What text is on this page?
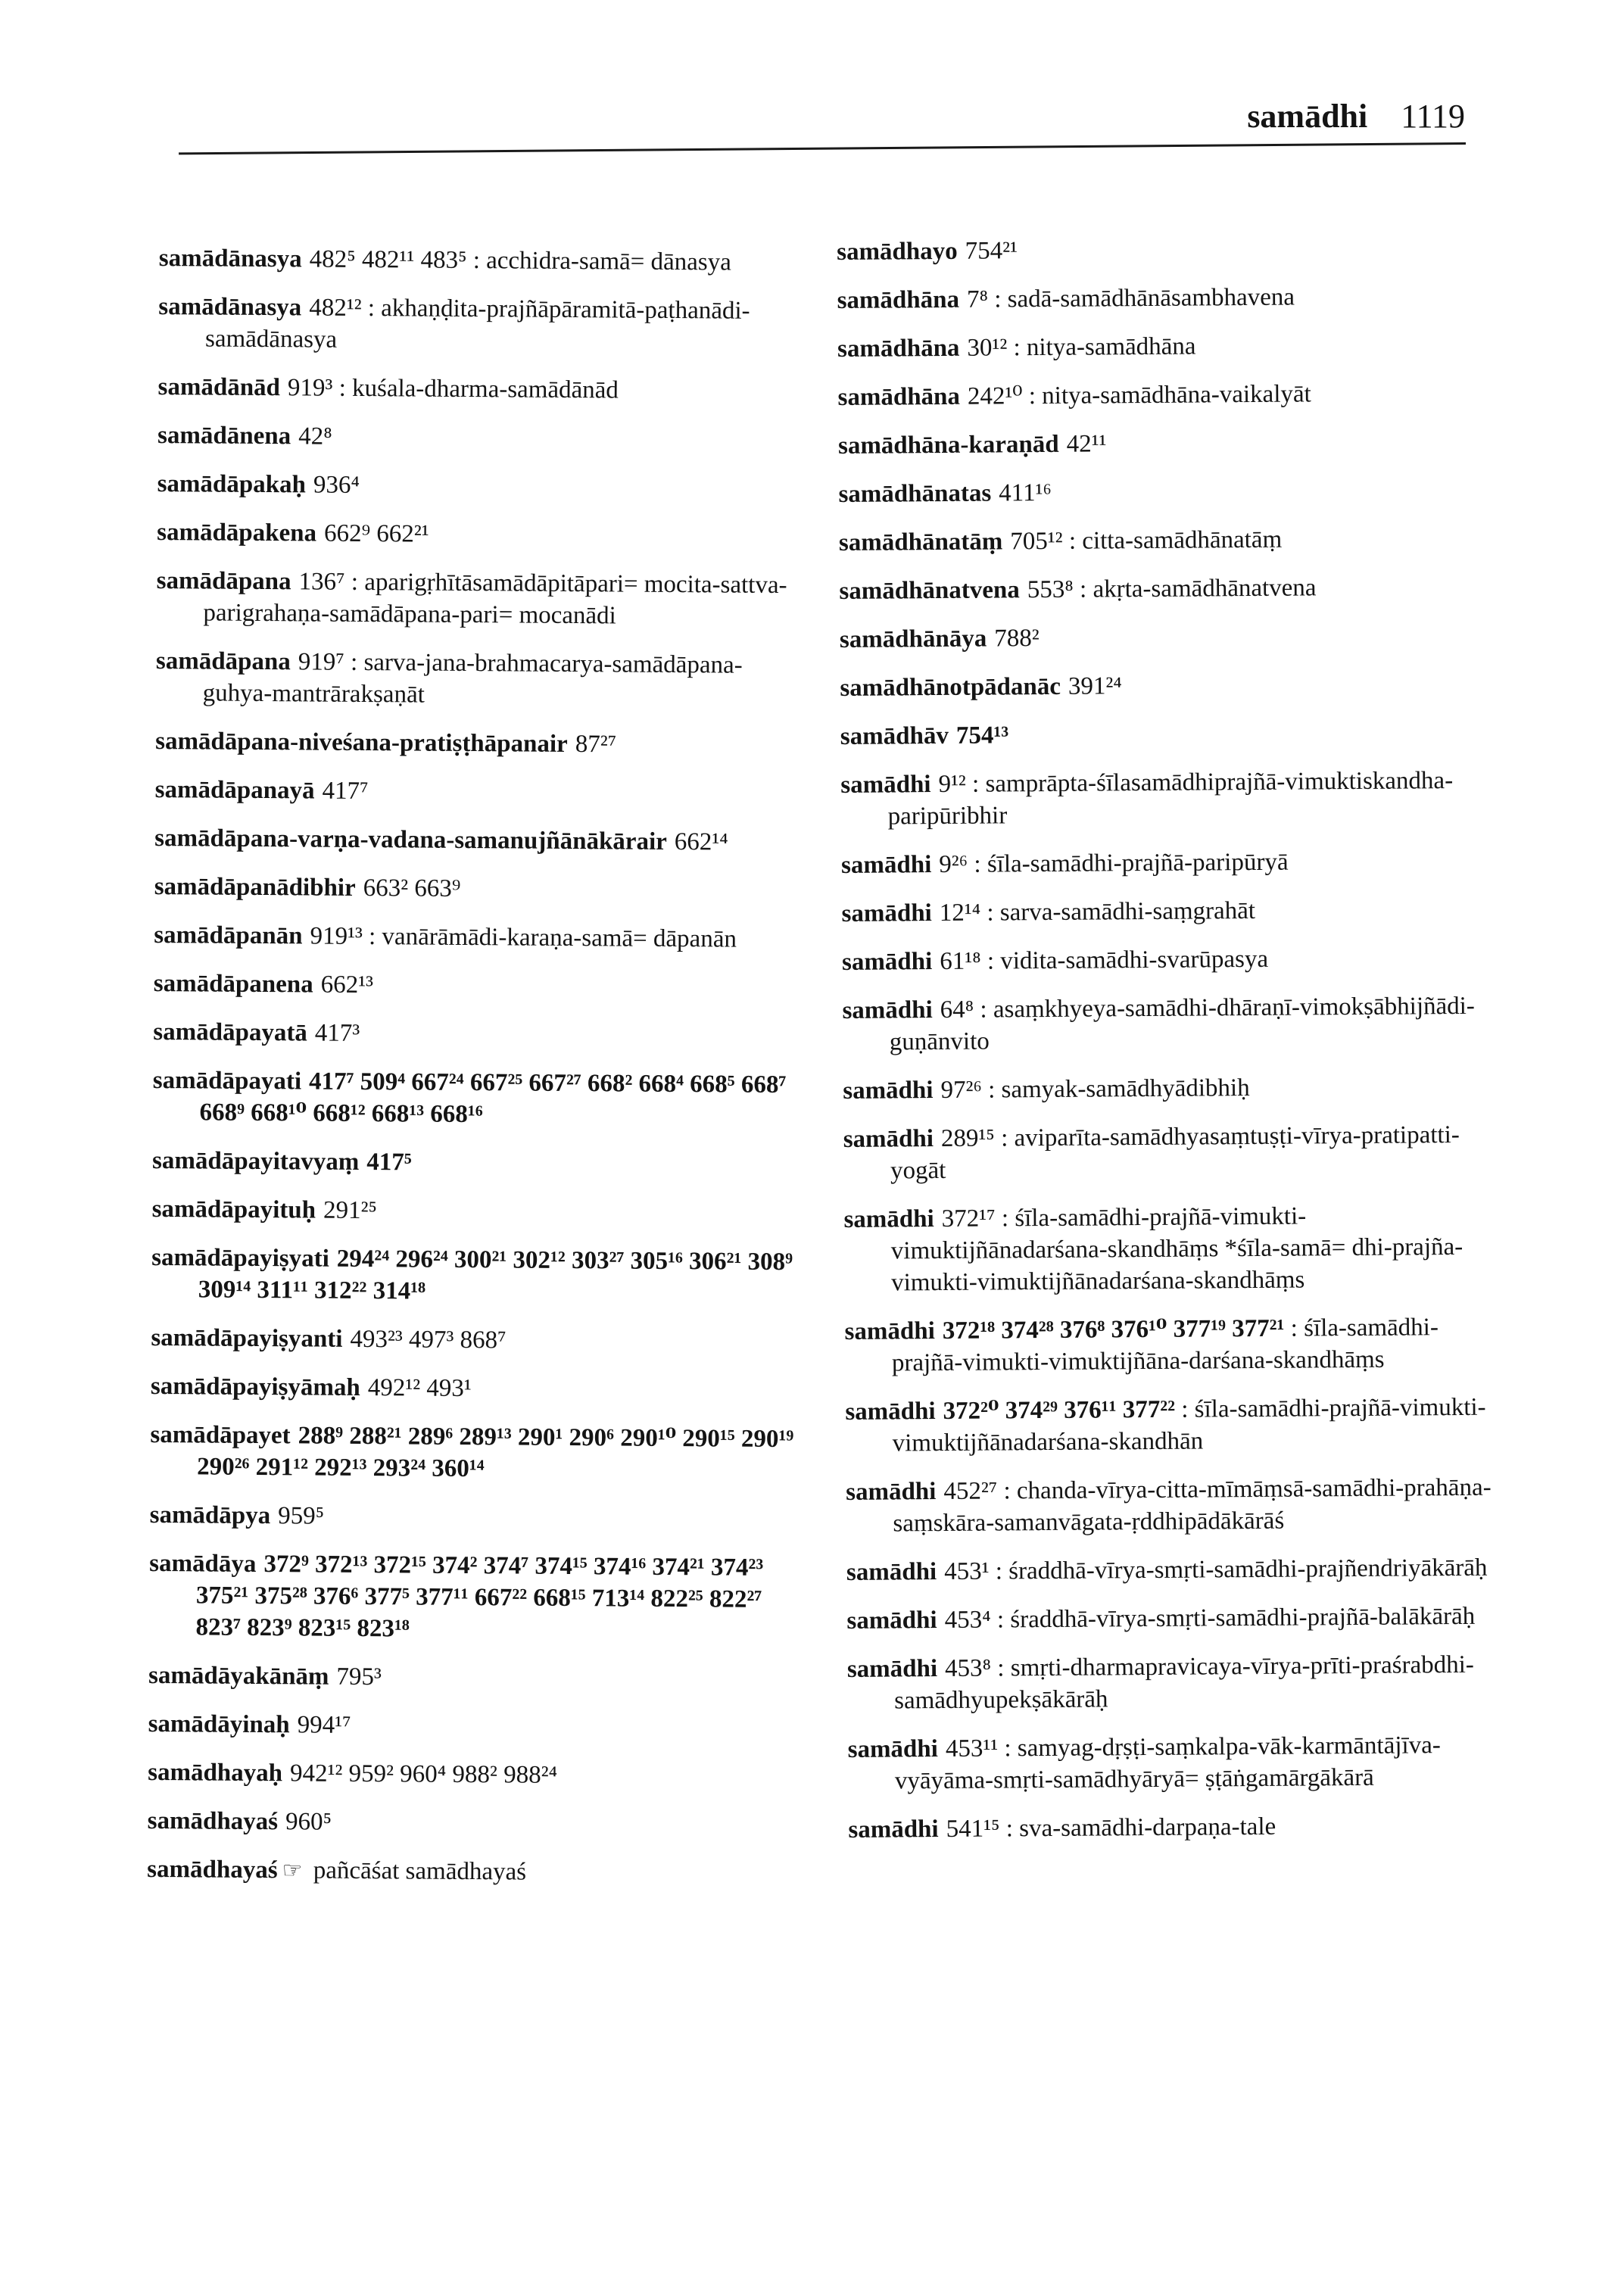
samādhi 1119
samādānasya 482⁵ 482¹¹ 483⁵ : acchidra-samā= dānasya
samādānasya 482¹² : akhaṇḍita-prajñāpāramitā-paṭhanādi-samādānasya
samādānād 919³ : kuśala-dharma-samādānād
samādānena 42⁸
samādāpakaḥ 936⁴
samādāpakena 662⁹ 662²¹
samādāpana 136⁷ : aparigṛhītāsamādāpitāpari= mocita-sattva-parigrahaṇa-samādāpana-pari= mocanādi
samādāpana 919⁷ : sarva-jana-brahmacarya-samādāpana-guhya-mantrārakṣaṇāt
samādāpana-niveśana-pratiṣṭhāpanair 87²⁷
samādāpanayā 417⁷
samādāpana-varṇa-vadana-samanujñānākārair 662¹⁴
samādāpanādibhir 663² 663⁹
samādāpanān 919¹³ : vanārāmādi-karaṇa-samā= dāpanān
samādāpanena 662¹³
samādāpayatā 417³
samādāpayati 417⁷ 509⁴ 667²⁴ 667²⁵ 667²⁷ 668² 668⁴ 668⁵ 668⁷ 668⁹ 668¹⁰ 668¹² 668¹³ 668¹⁶
samādāpayitavyaṃ 417⁵
samādāpayituḥ 291²⁵
samādāpayiṣyati 294²⁴ 296²⁴ 300²¹ 302¹² 303²⁷ 305¹⁶ 306²¹ 308⁹ 309¹⁴ 311¹¹ 312²² 314¹⁸
samādāpayiṣyanti 493²³ 497³ 868⁷
samādāpayiṣyāmaḥ 492¹² 493¹
samādāpayet 288⁹ 288²¹ 289⁶ 289¹³ 290¹ 290⁶ 290¹⁰ 290¹⁵ 290¹⁹ 290²⁶ 291¹² 292¹³ 293²⁴ 360¹⁴
samādāpya 959⁵
samādāya 372⁹ 372¹³ 372¹⁵ 374² 374⁷ 374¹⁵ 374¹⁶ 374²¹ 374²³ 375²¹ 375²⁸ 376⁶ 377⁵ 377¹¹ 667²² 668¹⁵ 713¹⁴ 822²⁵ 822²⁷ 823⁷ 823⁹ 823¹⁵ 823¹⁸
samādāyakānāṃ 795³
samādāyinaḥ 994¹⁷
samādhayaḥ 942¹² 959² 960⁴ 988² 988²⁴
samādhayaś 960⁵
samādhayaś ☞ pañcāśat samādhayaś
samādhayo 754²¹
samādhāna 7⁸ : sadā-samādhānāsambhavena
samādhāna 30¹² : nitya-samādhāna
samādhāna 242¹⁰ : nitya-samādhāna-vaikalyāt
samādhāna-karaṇād 42¹¹
samādhānatas 411¹⁶
samādhānatāṃ 705¹² : citta-samādhānatāṃ
samādhānatvena 553⁸ : akṛta-samādhānatvena
samādhānāya 788²
samādhānotpādanāc 391²⁴
samādhāv 754¹³
samādhi 9¹² : samprāpta-śīlasamādhiprajñā-vimuktiskandha-paripūribhir
samādhi 9²⁶ : śīla-samādhi-prajñā-paripūryā
samādhi 12¹⁴ : sarva-samādhi-saṃgrahāt
samādhi 61¹⁸ : vidita-samādhi-svarūpasya
samādhi 64⁸ : asaṃkhyeya-samādhi-dhāraṇī-vimokṣābhijñādi-guṇānvito
samādhi 97²⁶ : samyak-samādhyādibhiḥ
samādhi 289¹⁵ : aviparīta-samādhyasaṃtuṣṭi-vīrya-pratipatti-yogāt
samādhi 372¹⁷ : śīla-samādhi-prajñā-vimukti-vimuktijñānadarśana-skandhāṃs *śīla-samā= dhi-prajña-vimukti-vimuktijñānadarśana-skandhāṃs
samādhi 372¹⁸ 374²⁸ 376⁸ 376¹⁰ 377¹⁹ 377²¹ : śīla-samādhi-prajñā-vimukti-vimuktijñāna-darśana-skandhāṃs
samādhi 372²⁰ 374²⁹ 376¹¹ 377²² : śīla-samādhi-prajñā-vimukti-vimuktijñānadarśana-skandhān
samādhi 452²⁷ : chanda-vīrya-citta-mīmāṃsā-samādhi-prahāṇa-saṃskāra-samanvāgata-ṛddhipādākārāś
samādhi 453¹ : śraddhā-vīrya-smṛti-samādhi-prajñendriyākārāḥ
samādhi 453⁴ : śraddhā-vīrya-smṛti-samādhi-prajñā-balākārāḥ
samādhi 453⁸ : smṛti-dharmapravicaya-vīrya-prīti-praśrabdhi-samādhyupekṣākārāḥ
samādhi 453¹¹ : samyag-dṛṣṭi-saṃkalpa-vāk-karmāntājīva-vyāyāma-smṛti-samādhyāryā= ṣṭāṅgamārgākārā
samādhi 541¹⁵ : sva-samādhi-darpaṇa-tale
